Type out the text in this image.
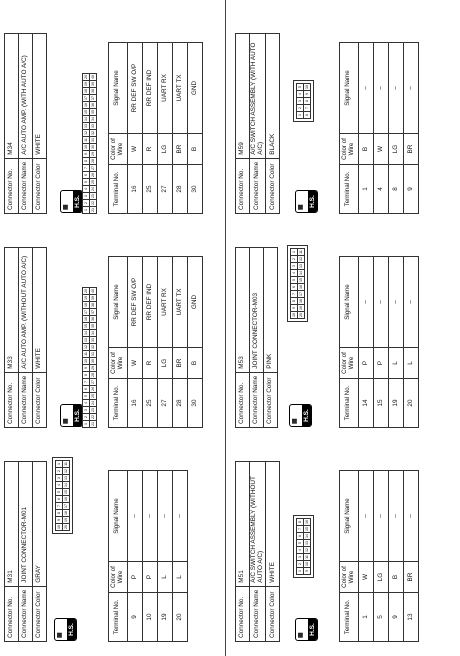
Connector No.	M31
Connector Name	JOINT CONNECTOR-M01
Connector Color	GRAY
▦ H.S.
10	9	8	7	6	5	4	3	2	1
20	19	18	17	16	15	14	13	12	11
Terminal No.	Color of Wire	Signal Name
9	P	–
10	P	–
19	L	–
20	L	–
Connector No.	M33
Connector Name	A/C AUTO AMP. (WITHOUT AUTO A/C)
Connector Color	WHITE
▦ H.S.
1	2	3	4	5	6	7	8	9	10	11	12	13	14	15	16	17	18	19	20
21	22	23	24	25	26	27	28	29	30	31	32	33	34	35	36	37	38	39	40
Terminal No.	Color of Wire	Signal Name
16	W	RR DEF SW O/P
25	R	RR DEF IND
27	LG	UART RX
28	BR	UART TX
30	B	GND
Connector No.	M34
Connector Name	A/C AUTO AMP. (WITH AUTO A/C)
Connector Color	WHITE
▦ H.S.
1	2	3	4	5	6	7	8	9	10	11	12	13	14	15	16	17	18	19	20
21	22	23	24	25	26	27	28	29	30	31	32	33	34	35	36	37	38	39	40
Terminal No.	Color of Wire	Signal Name
16	W	RR DEF SW O/P
25	R	RR DEF IND
27	LG	UART RX
28	BR	UART TX
30	B	GND
Connector No.	M51
Connector Name	A/C SWITCH ASSEMBLY (WITHOUT AUTO A/C)
Connector Color	WHITE
▦ H.S.
1	2	3	4	5	6	7	8
9	10	11	12	13	14	15	16
Terminal No.	Color of Wire	Signal Name
1	W	–
5	LG	–
9	B	–
13	BR	–
Connector No.	M53
Connector Name	JOINT CONNECTOR-M03
Connector Color	PINK
▦ H.S.
10	9	8	7	6	5	4	3	2	1
20	19	18	17	16	15	14	13	12	11
Terminal No.	Color of Wire	Signal Name
14	P	–
15	P	–
19	L	–
20	L	–
Connector No.	M59
Connector Name	A/C SWITCH ASSEMBLY (WITH AUTO A/C)
Connector Color	BLACK
▦ H.S.
1	2	3	4	5
6	7	8	9	10
Terminal No.	Color of Wire	Signal Name
1	B	–
4	W	–
8	LG	–
9	BR	–
